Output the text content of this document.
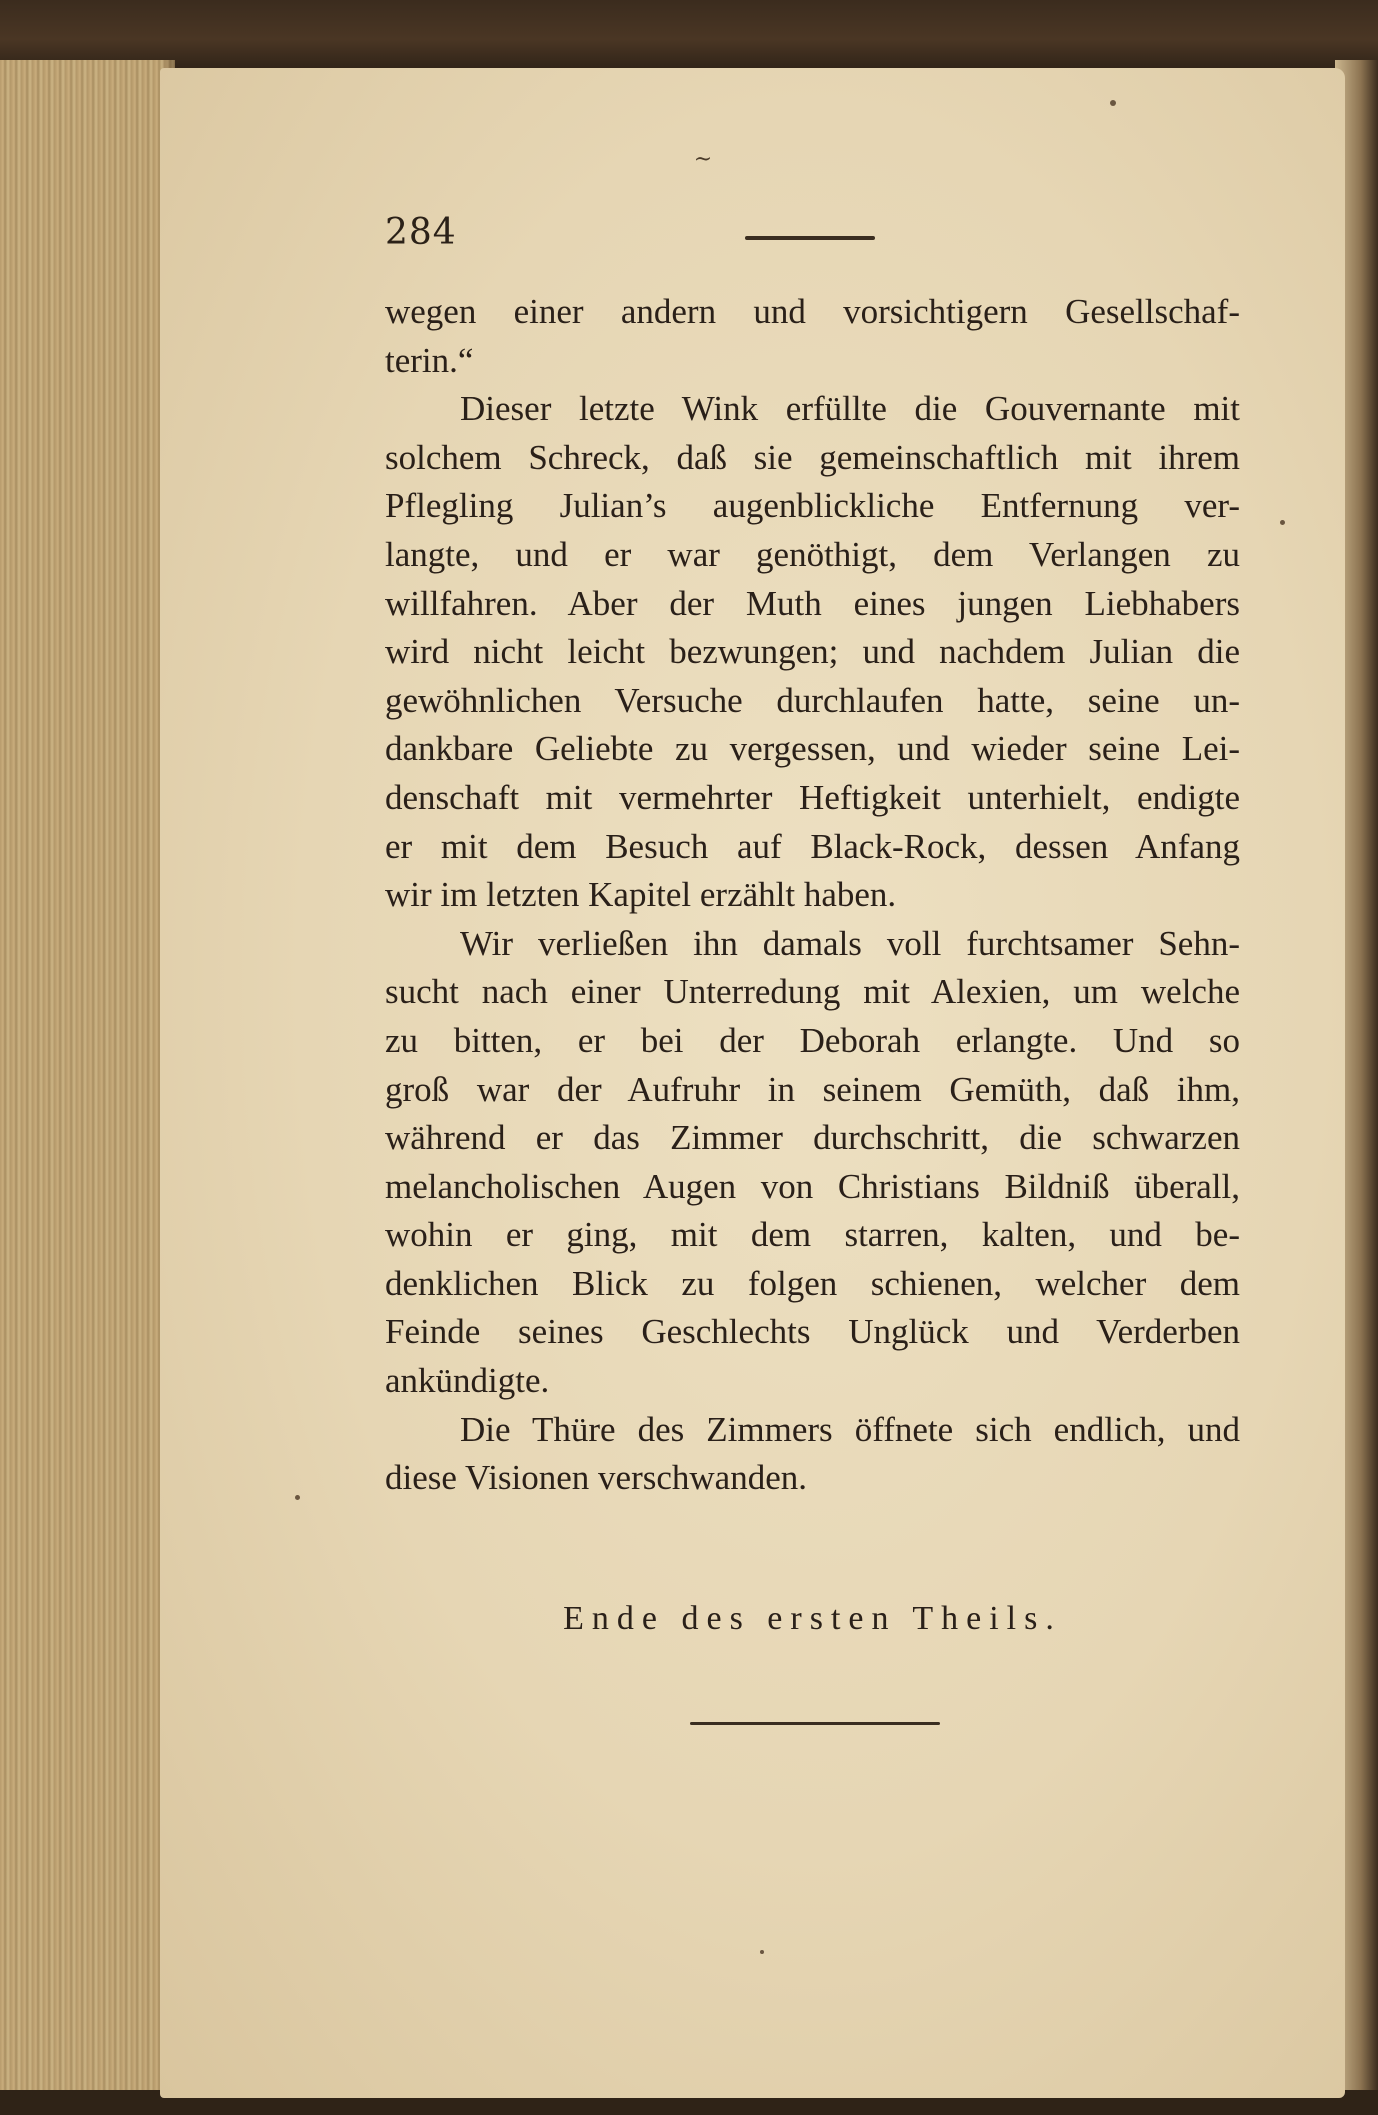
~
284
wegen einer andern und vorsichtigern Gesellschaf-
terin.“
Dieser letzte Wink erfüllte die Gouvernante mit
solchem Schreck, daß sie gemeinschaftlich mit ihrem
Pflegling Julian’s augenblickliche Entfernung ver-
langte, und er war genöthigt, dem Verlangen zu
willfahren. Aber der Muth eines jungen Liebhabers
wird nicht leicht bezwungen; und nachdem Julian die
gewöhnlichen Versuche durchlaufen hatte, seine un-
dankbare Geliebte zu vergessen, und wieder seine Lei-
denschaft mit vermehrter Heftigkeit unterhielt, endigte
er mit dem Besuch auf Black-Rock, dessen Anfang
wir im letzten Kapitel erzählt haben.
Wir verließen ihn damals voll furchtsamer Sehn-
sucht nach einer Unterredung mit Alexien, um welche
zu bitten, er bei der Deborah erlangte. Und so
groß war der Aufruhr in seinem Gemüth, daß ihm,
während er das Zimmer durchschritt, die schwarzen
melancholischen Augen von Christians Bildniß überall,
wohin er ging, mit dem starren, kalten, und be-
denklichen Blick zu folgen schienen, welcher dem
Feinde seines Geschlechts Unglück und Verderben
ankündigte.
Die Thüre des Zimmers öffnete sich endlich, und
diese Visionen verschwanden.
Ende des ersten Theils.
